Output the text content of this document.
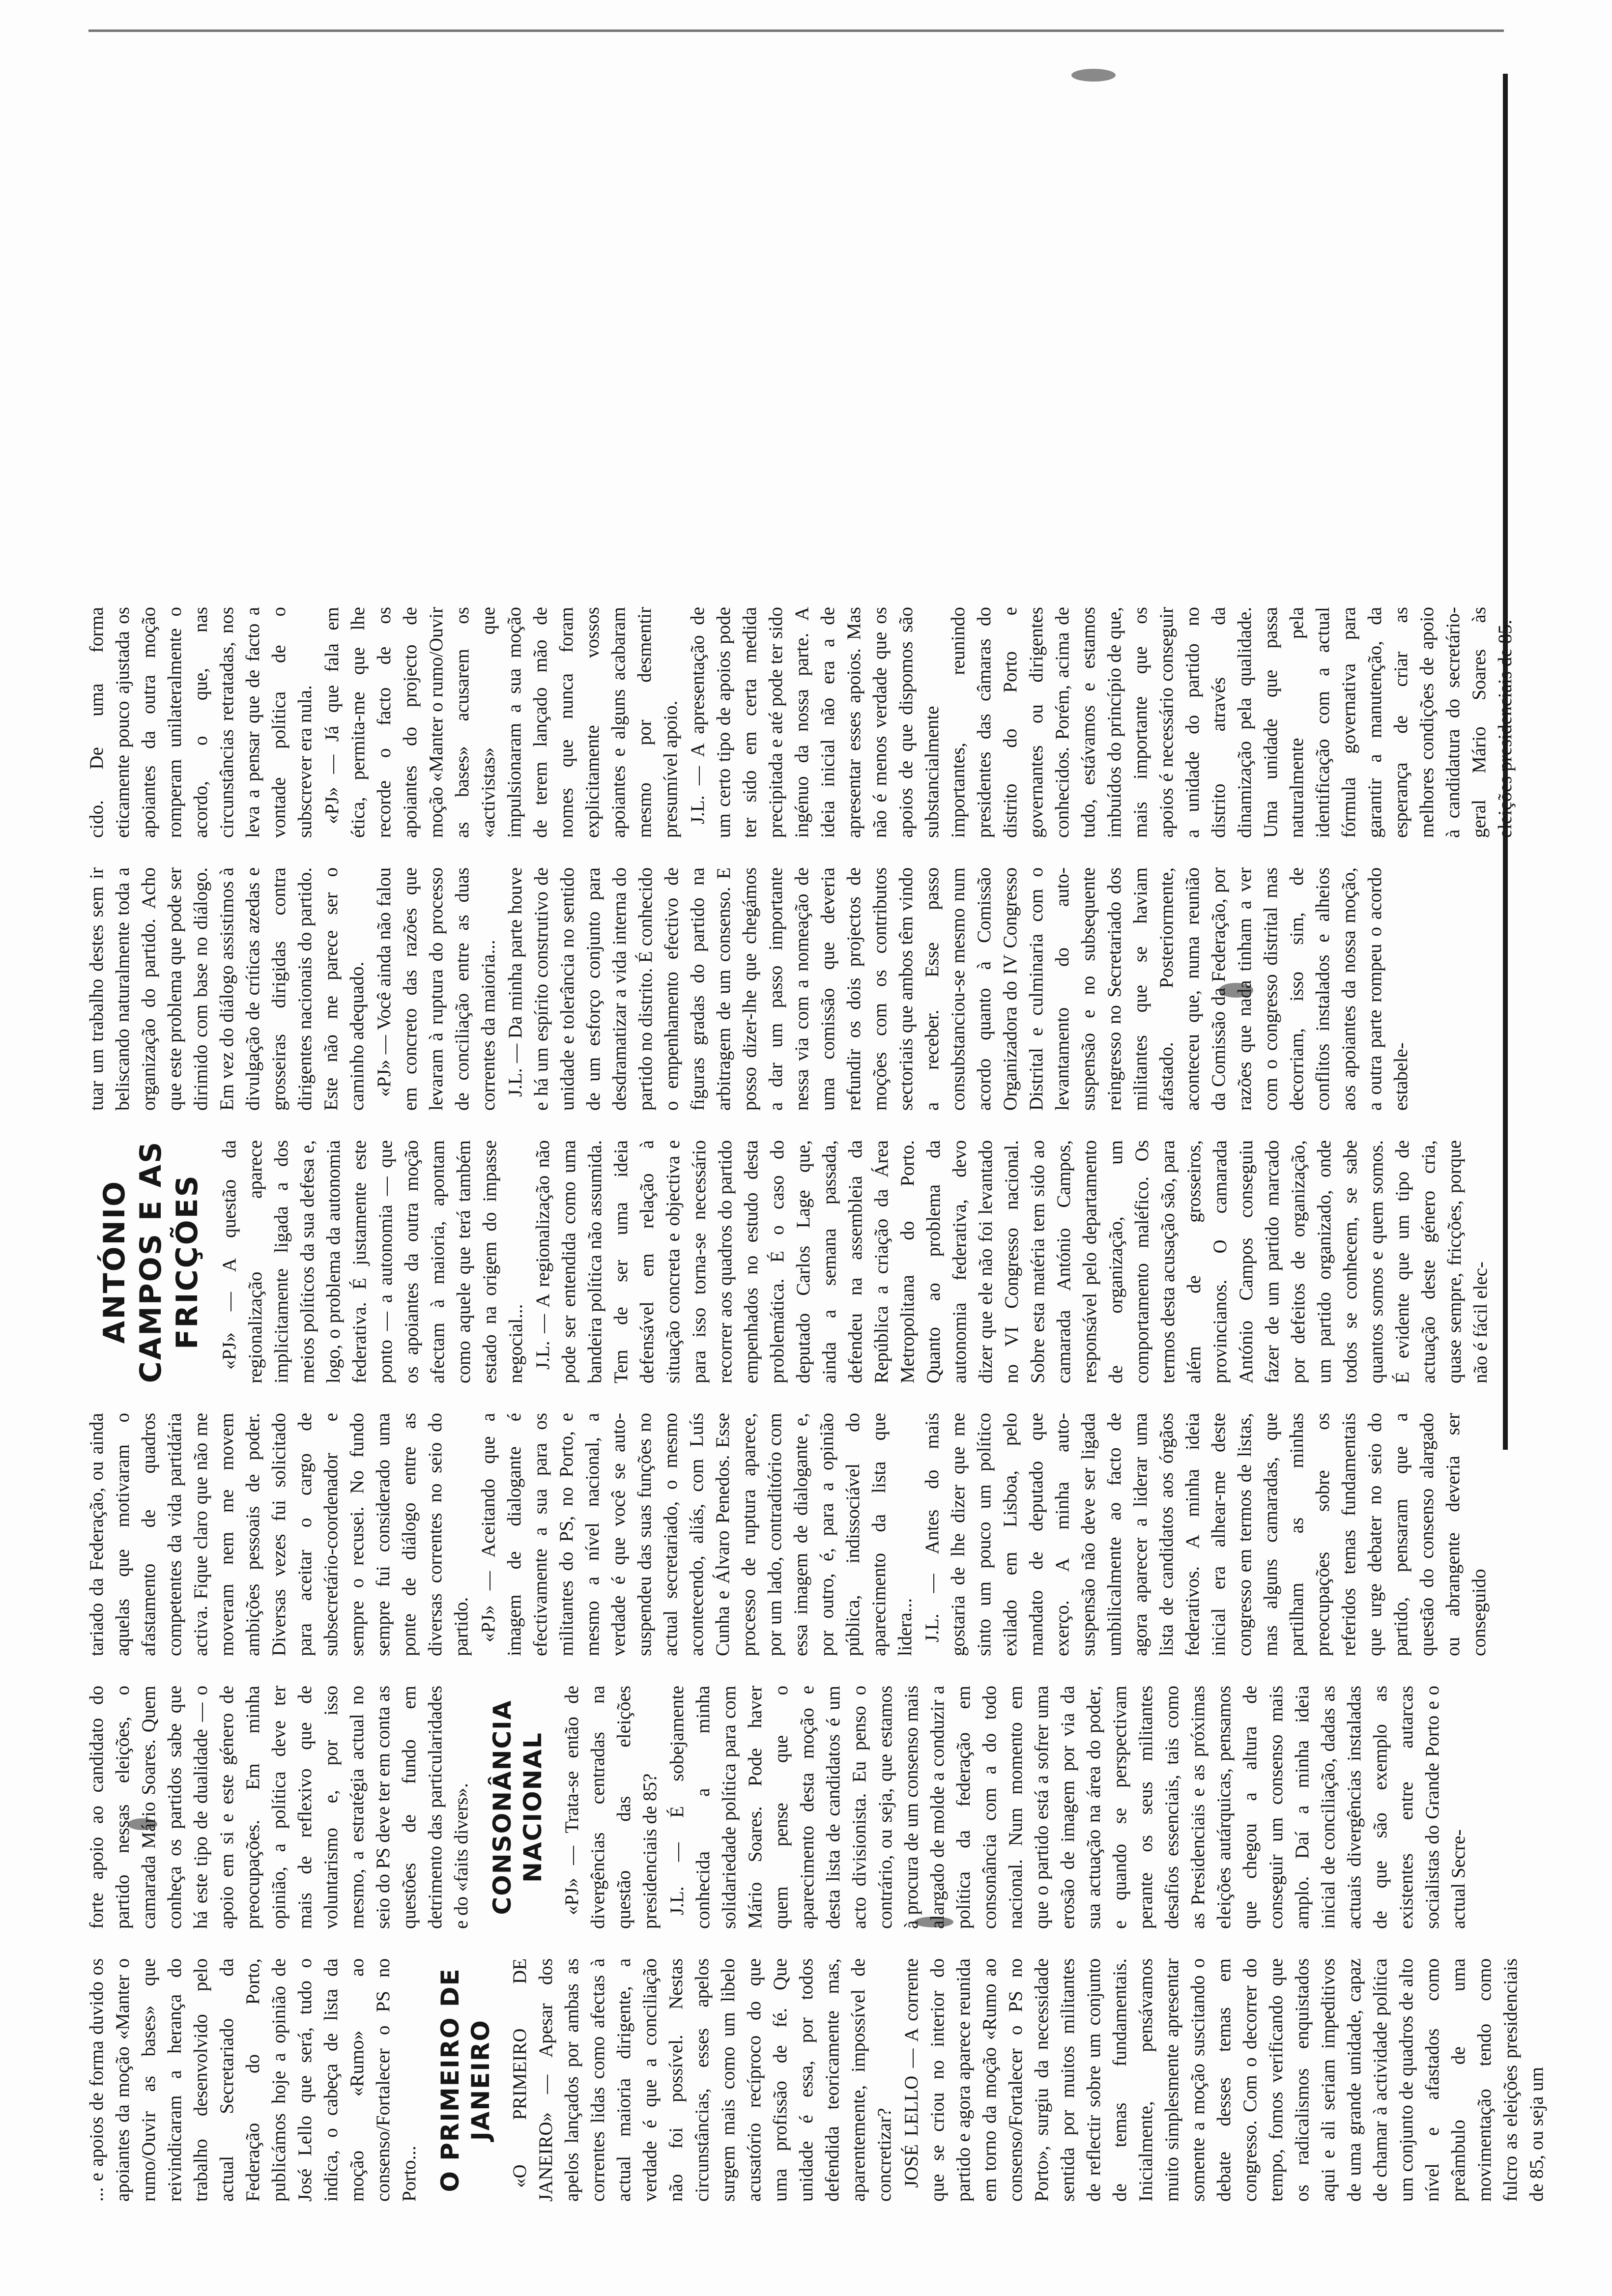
... e apoios de forma duvido os apoiantes da moção «Manter o rumo/Ouvir as bases» que reivindicaram a herança do trabalho desenvolvido pelo actual Secretariado da Federação do Porto, publicámos hoje a opinião de José Lello que será, tudo o indica, o cabeça de lista da moção «Rumo» ao consenso/Fortalecer o PS no Porto... O PRIMEIRO DE JANEIRO «O PRIMEIRO DE JANEIRO» — Apesar dos apelos lançados por ambas as correntes lidas como afectas à actual maioria dirigente, a verdade é que a conciliação não foi possível. Nestas circunstâncias, esses apelos surgem mais como um libelo acusatório recíproco do que uma profissão de fé. Que unidade é essa, por todos defendida teoricamente mas, aparentemente, impossível de concretizar? JOSÉ LELLO — A corrente que se criou no interior do partido e agora aparece reunida em torno da moção «Rumo ao consenso/Fortalecer o PS no Porto», surgiu da necessidade sentida por muitos militantes de reflectir sobre um conjunto de temas fundamentais. Inicialmente, pensávamos muito simplesmente apresentar somente a moção suscitando o debate desses temas em congresso. Com o decorrer do tempo, fomos verificando que os radicalismos enquistados aqui e ali seriam impeditivos de uma grande unidade, capaz de chamar à actividade política um conjunto de quadros de alto nível e afastados como preâmbulo de uma movimentação tendo como fulcro as eleições presidenciais de 85, ou seja um

forte apoio ao candidato do partido nessas eleições, o camarada Mário Soares. Quem conheça os partidos sabe que há este tipo de dualidade — o apoio em si e este género de preocupações. Em minha opinião, a política deve ter mais de reflexivo que de voluntarismo e, por isso mesmo, a estratégia actual no seio do PS deve ter em conta as questões de fundo em detrimento das particularidades e do «faits divers». CONSONÂNCIA NACIONAL «PJ» — Trata-se então de divergências centradas na questão das eleições presidenciais de 85? J.L. — É sobejamente conhecida a minha solidariedade política para com Mário Soares. Pode haver quem pense que o aparecimento desta moção e desta lista de candidatos é um acto divisionista. Eu penso o contrário, ou seja, que estamos à procura de um consenso mais alargado de molde a conduzir a política da federação em consonância com a do todo nacional. Num momento em que o partido está a sofrer uma erosão de imagem por via da sua actuação na área do poder, e quando se perspectivam perante os seus militantes desafios essenciais, tais como as Presidenciais e as próximas eleições autárquicas, pensamos que chegou a altura de conseguir um consenso mais amplo. Daí a minha ideia inicial de conciliação, dadas as actuais divergências instaladas de que são exemplo as existentes entre autarcas socialistas do Grande Porto e o actual Secre-

tariado da Federação, ou ainda aquelas que motivaram o afastamento de quadros competentes da vida partidária activa. Fique claro que não me moveram nem me movem ambições pessoais de poder. Diversas vezes fui solicitado para aceitar o cargo de subsecretário-coordenador e sempre o recusei. No fundo sempre fui considerado uma ponte de diálogo entre as diversas correntes no seio do partido. «PJ» — Aceitando que a imagem de dialogante é efectivamente a sua para os militantes do PS, no Porto, e mesmo a nível nacional, a verdade é que você se auto-suspendeu das suas funções no actual secretariado, o mesmo acontecendo, aliás, com Luís Cunha e Álvaro Penedos. Esse processo de ruptura aparece, por um lado, contraditório com essa imagem de dialogante e, por outro, é, para a opinião pública, indissociável do aparecimento da lista que lidera... J.L. — Antes do mais gostaria de lhe dizer que me sinto um pouco um político exilado em Lisboa, pelo mandato de deputado que exerço. A minha auto-suspensão não deve ser ligada umbilicalmente ao facto de agora aparecer a liderar uma lista de candidatos aos órgãos federativos. A minha ideia inicial era alhear-me deste congresso em termos de listas, mas alguns camaradas, que partilham as minhas preocupações sobre os referidos temas fundamentais que urge debater no seio do partido, pensaram que a questão do consenso alargado ou abrangente deveria ser conseguido

ANTÓNIO CAMPOS E AS FRICÇÕES «PJ» — A questão da regionalização aparece implicitamente ligada a dos meios políticos da sua defesa e, logo, o problema da autonomia federativa. É justamente este ponto — a autonomia — que os apoiantes da outra moção afectam à maioria, apontam como aquele que terá também estado na origem do impasse negocial... J.L. — A regionalização não pode ser entendida como uma bandeira política não assumida. Tem de ser uma ideia defensável em relação à situação concreta e objectiva e para isso torna-se necessário recorrer aos quadros do partido empenhados no estudo desta problemática. É o caso do deputado Carlos Lage que, ainda a semana passada, defendeu na assembleia da República a criação da Área Metropolitana do Porto. Quanto ao problema da autonomia federativa, devo dizer que ele não foi levantado no VI Congresso nacional. Sobre esta matéria tem sido ao camarada António Campos, responsável pelo departamento de organização, um comportamento maléfico. Os termos desta acusação são, para além de grosseiros, provincianos. O camarada António Campos conseguiu fazer de um partido marcado por defeitos de organização, um partido organizado, onde todos se conhecem, se sabe quantos somos e quem somos. É evidente que um tipo de actuação deste género cria, quase sempre, fricções, porque não é fácil elec-

tuar um trabalho destes sem ir beliscando naturalmente toda a organização do partido. Acho que este problema que pode ser dirimido com base no diálogo. Em vez do diálogo assistimos à divulgação de críticas azedas e grosseiras dirigidas contra dirigentes nacionais do partido. Este não me parece ser o caminho adequado. «PJ» — Você ainda não falou em concreto das razões que levaram à ruptura do processo de conciliação entre as duas correntes da maioria... J.L. — Da minha parte houve e há um espírito construtivo de unidade e tolerância no sentido de um esforço conjunto para desdramatizar a vida interna do partido no distrito. É conhecido o empenhamento efectivo de figuras gradas do partido na arbitragem de um consenso. E posso dizer-lhe que chegámos a dar um passo importante nessa via com a nomeação de uma comissão que deveria refundir os dois projectos de moções com os contributos sectoriais que ambos têm vindo a receber. Esse passo consubstanciou-se mesmo num acordo quanto à Comissão Organizadora do IV Congresso Distrital e culminaria com o levantamento do auto-suspensão e no subsequente reingresso no Secretariado dos militantes que se haviam afastado. Posteriormente, aconteceu que, numa reunião da Comissão da Federação, por razões que nada tinham a ver com o congresso distrital mas decorriam, isso sim, de conflitos instalados e alheios aos apoiantes da nossa moção, a outra parte rompeu o acordo estabele-

cido. De uma forma eticamente pouco ajustada os apoiantes da outra moção romperam unilateralmente o acordo, o que, nas circunstâncias retratadas, nos leva a pensar que de facto a vontade política de o subscrever era nula. «PJ» — Já que fala em ética, permita-me que lhe recorde o facto de os apoiantes do projecto de moção «Manter o rumo/Ouvir as bases» acusarem os «activistas» que impulsionaram a sua moção de terem lançado mão de nomes que nunca foram explicitamente vossos apoiantes e alguns acabaram mesmo por desmentir presumível apoio. J.L. — A apresentação de um certo tipo de apoios pode ter sido em certa medida precipitada e até pode ter sido ingénuo da nossa parte. A ideia inicial não era a de apresentar esses apoios. Mas não é menos verdade que os apoios de que dispomos são substancialmente importantes, reunindo presidentes das câmaras do distrito do Porto e governantes ou dirigentes conhecidos. Porém, acima de tudo, estávamos e estamos imbuídos do princípio de que, mais importante que os apoios é necessário conseguir a unidade do partido no distrito através da dinamização pela qualidade. Uma unidade que passa naturalmente pela identificação com a actual fórmula governativa para garantir a manutenção, da esperança de criar as melhores condições de apoio à candidatura do secretário-geral Mário Soares às eleições presidenciais de 85.
